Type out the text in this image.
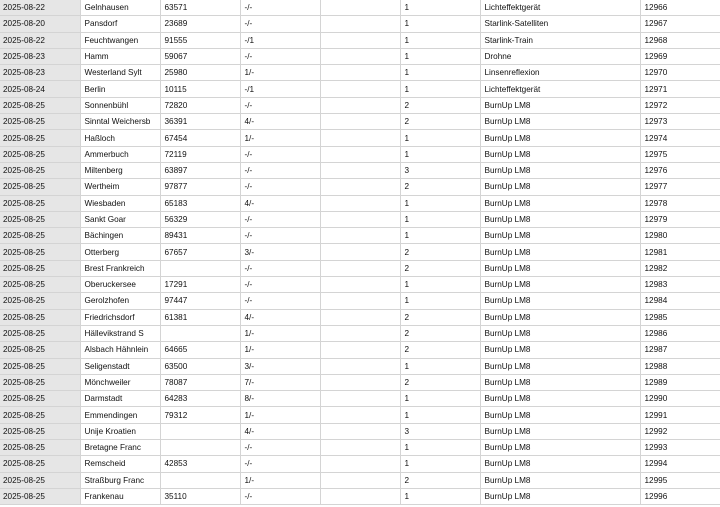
2025-08-22	Gelnhausen	63571	-/-		1	Lichteffektgerät	12966
2025-08-20	Pansdorf	23689	-/-		1	Starlink-Satelliten	12967
2025-08-22	Feuchtwangen	91555	-/1		1	Starlink-Train	12968
2025-08-23	Hamm	59067	-/-		1	Drohne	12969
2025-08-23	Westerland Sylt	25980	1/-		1	Linsenreflexion	12970
2025-08-24	Berlin	10115	-/1		1	Lichteffektgerät	12971
2025-08-25	Sonnenbühl	72820	-/-		2	BurnUp LM8	12972
2025-08-25	Sinntal Weichersb	36391	4/-		2	BurnUp LM8	12973
2025-08-25	Haßloch	67454	1/-		1	BurnUp LM8	12974
2025-08-25	Ammerbuch	72119	-/-		1	BurnUp LM8	12975
2025-08-25	Miltenberg	63897	-/-		3	BurnUp LM8	12976
2025-08-25	Wertheim	97877	-/-		2	BurnUp LM8	12977
2025-08-25	Wiesbaden	65183	4/-		1	BurnUp LM8	12978
2025-08-25	Sankt Goar	56329	-/-		1	BurnUp LM8	12979
2025-08-25	Bächingen	89431	-/-		1	BurnUp LM8	12980
2025-08-25	Otterberg	67657	3/-		2	BurnUp LM8	12981
2025-08-25	Brest Frankreich		-/-		2	BurnUp LM8	12982
2025-08-25	Oberuckersee	17291	-/-		1	BurnUp LM8	12983
2025-08-25	Gerolzhofen	97447	-/-		1	BurnUp LM8	12984
2025-08-25	Friedrichsdorf	61381	4/-		2	BurnUp LM8	12985
2025-08-25	Hällevikstrand S		1/-		2	BurnUp LM8	12986
2025-08-25	Alsbach Hähnlein	64665	1/-		2	BurnUp LM8	12987
2025-08-25	Seligenstadt	63500	3/-		1	BurnUp LM8	12988
2025-08-25	Mönchweiler	78087	7/-		2	BurnUp LM8	12989
2025-08-25	Darmstadt	64283	8/-		1	BurnUp LM8	12990
2025-08-25	Emmendingen	79312	1/-		1	BurnUp LM8	12991
2025-08-25	Unije Kroatien		4/-		3	BurnUp LM8	12992
2025-08-25	Bretagne Franc		-/-		1	BurnUp LM8	12993
2025-08-25	Remscheid	42853	-/-		1	BurnUp LM8	12994
2025-08-25	Straßburg Franc		1/-		2	BurnUp LM8	12995
2025-08-25	Frankenau	35110	-/-		1	BurnUp LM8	12996
